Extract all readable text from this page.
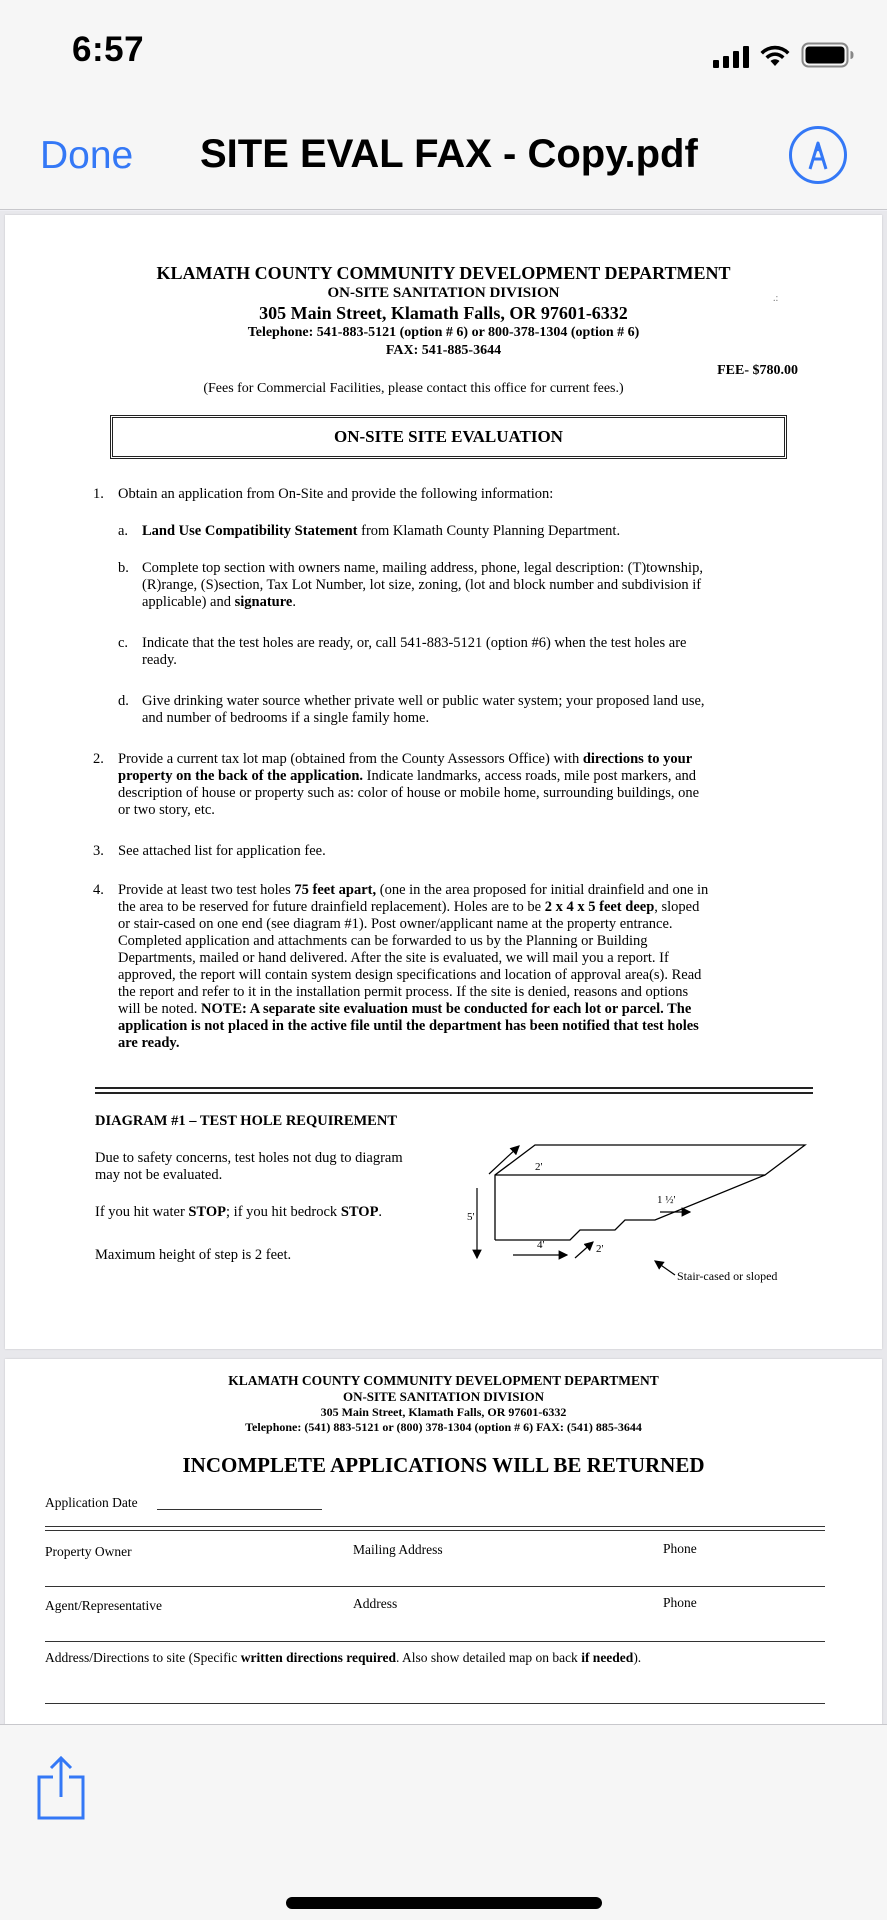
6:57
Done SITE EVAL FAX - Copy.pdf
KLAMATH COUNTY COMMUNITY DEVELOPMENT DEPARTMENT
ON-SITE SANITATION DIVISION
305 Main Street, Klamath Falls, OR 97601-6332
Telephone: 541-883-5121 (option # 6) or 800-378-1304 (option # 6)
FAX: 541-885-3644
FEE- $780.00
(Fees for Commercial Facilities, please contact this office for current fees.)
ON-SITE SITE EVALUATION
1. Obtain an application from On-Site and provide the following information:
a. Land Use Compatibility Statement from Klamath County Planning Department.
b. Complete top section with owners name, mailing address, phone, legal description: (T)township,
(R)range, (S)section, Tax Lot Number, lot size, zoning, (lot and block number and subdivision if
applicable) and signature.
c. Indicate that the test holes are ready, or, call 541-883-5121 (option #6) when the test holes are
ready.
d. Give drinking water source whether private well or public water system; your proposed land use,
and number of bedrooms if a single family home.
2. Provide a current tax lot map (obtained from the County Assessors Office) with directions to your
property on the back of the application. Indicate landmarks, access roads, mile post markers, and
description of house or property such as: color of house or mobile home, surrounding buildings, one
or two story, etc.
3. See attached list for application fee.
4. Provide at least two test holes 75 feet apart, (one in the area proposed for initial drainfield and one in
the area to be reserved for future drainfield replacement). Holes are to be 2 x 4 x 5 feet deep, sloped
or stair-cased on one end (see diagram #1). Post owner/applicant name at the property entrance.
Completed application and attachments can be forwarded to us by the Planning or Building
Departments, mailed or hand delivered. After the site is evaluated, we will mail you a report. If
approved, the report will contain system design specifications and location of approval area(s). Read
the report and refer to it in the installation permit process. If the site is denied, reasons and options
will be noted. NOTE: A separate site evaluation must be conducted for each lot or parcel. The
application is not placed in the active file until the department has been notified that test holes
are ready.
DIAGRAM #1 – TEST HOLE REQUIREMENT
Due to safety concerns, test holes not dug to diagram
may not be evaluated.
If you hit water STOP; if you hit bedrock STOP.
Maximum height of step is 2 feet.
2'
5'
4'	2'
1 ½'
Stair-cased or sloped
.:
KLAMATH COUNTY COMMUNITY DEVELOPMENT DEPARTMENT
ON-SITE SANITATION DIVISION
305 Main Street, Klamath Falls, OR 97601-6332
Telephone: (541) 883-5121 or (800) 378-1304 (option # 6) FAX: (541) 885-3644
INCOMPLETE APPLICATIONS WILL BE RETURNED
Application Date
Property Owner	Mailing Address	Phone
Agent/Representative	Address	Phone
Address/Directions to site (Specific written directions required. Also show detailed map on back if needed).
